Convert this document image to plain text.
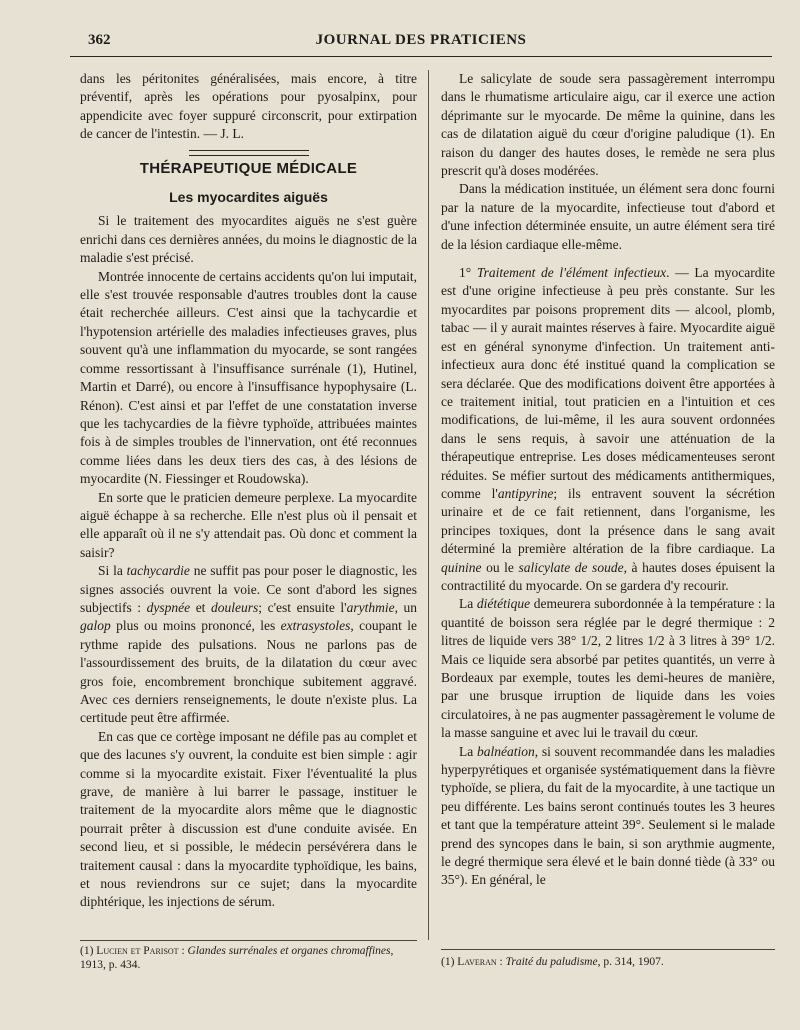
362	JOURNAL DES PRATICIENS

dans les péritonites généralisées, mais encore, à titre préventif, après les opérations pour pyosalpinx, pour appendicite avec foyer suppuré circonscrit, pour extirpation de cancer de l'intestin. — J. L.

THÉRAPEUTIQUE MÉDICALE
Les myocardites aiguës

Si le traitement des myocardites aiguës ne s'est guère enrichi dans ces dernières années, du moins le diagnostic de la maladie s'est précisé.

Montrée innocente de certains accidents qu'on lui imputait, elle s'est trouvée responsable d'autres troubles dont la cause était recherchée ailleurs. C'est ainsi que la tachycardie et l'hypotension artérielle des maladies infectieuses graves, plus souvent qu'à une inflammation du myocarde, se sont rangées comme ressortissant à l'insuffisance surrénale (1), Hutinel, Martin et Darré), ou encore à l'insuffisance hypophysaire (L. Rénon). C'est ainsi et par l'effet de une constatation inverse que les tachycardies de la fièvre typhoïde, attribuées maintes fois à de simples troubles de l'innervation, ont été reconnues comme liées dans les deux tiers des cas, à des lésions de myocardite (N. Fiessinger et Roudowska).

En sorte que le praticien demeure perplexe. La myocardite aiguë échappe à sa recherche. Elle n'est plus où il pensait et elle apparaît où il ne s'y attendait pas. Où donc et comment la saisir?

Si la tachycardie ne suffit pas pour poser le diagnostic, les signes associés ouvrent la voie. Ce sont d'abord les signes subjectifs : dyspnée et douleurs; c'est ensuite l'arythmie, un galop plus ou moins prononcé, les extrasystoles, coupant le rythme rapide des pulsations. Nous ne parlons pas de l'assourdissement des bruits, de la dilatation du cœur avec gros foie, encombrement bronchique subitement aggravé. Avec ces derniers renseignements, le doute n'existe plus. La certitude peut être affirmée.

En cas que ce cortège imposant ne défile pas au complet et que des lacunes s'y ouvrent, la conduite est bien simple : agir comme si la myocardite existait. Fixer l'éventualité la plus grave, de manière à lui barrer le passage, instituer le traitement de la myocardite alors même que le diagnostic pourrait prêter à discussion est d'une conduite avisée. En second lieu, et si possible, le médecin persévérera dans le traitement causal : dans la myocardite typhoïdique, les bains, et nous reviendrons sur ce sujet; dans la myocardite diphtérique, les injections de sérum.

Le salicylate de soude sera passagèrement interrompu dans le rhumatisme articulaire aigu, car il exerce une action déprimante sur le myocarde. De même la quinine, dans les cas de dilatation aiguë du cœur d'origine paludique (1). En raison du danger des hautes doses, le remède ne sera plus prescrit qu'à doses modérées.

Dans la médication instituée, un élément sera donc fourni par la nature de la myocardite, infectieuse tout d'abord et d'une infection déterminée ensuite, un autre élément sera tiré de la lésion cardiaque elle-même.

1° Traitement de l'élément infectieux. — La myocardite est d'une origine infectieuse à peu près constante. Sur les myocardites par poisons proprement dits — alcool, plomb, tabac — il y aurait maintes réserves à faire. Myocardite aiguë est en général synonyme d'infection. Un traitement anti-infectieux aura donc été institué quand la complication se sera déclarée. Que des modifications doivent être apportées à ce traitement initial, tout praticien en a l'intuition et ces modifications, de lui-même, il les aura souvent ordonnées dans le sens requis, à savoir une atténuation de la thérapeutique entreprise. Les doses médicamenteuses seront réduites. Se méfier surtout des médicaments antithermiques, comme l'antipyrine; ils entravent souvent la sécrétion urinaire et de ce fait retiennent, dans l'organisme, les principes toxiques, dont la présence dans le sang avait déterminé la première altération de la fibre cardiaque. La quinine ou le salicylate de soude, à hautes doses épuisent la contractilité du myocarde. On se gardera d'y recourir.

La diététique demeurera subordonnée à la température : la quantité de boisson sera réglée par le degré thermique : 2 litres de liquide vers 38° 1/2, 2 litres 1/2 à 3 litres à 39° 1/2. Mais ce liquide sera absorbé par petites quantités, un verre à Bordeaux par exemple, toutes les demi-heures de manière, par une brusque irruption de liquide dans les voies circulatoires, à ne pas augmenter passagèrement le volume de la masse sanguine et avec lui le travail du cœur.

La balnéation, si souvent recommandée dans les maladies hyperpyrétiques et organisée systématiquement dans la fièvre typhoïde, se pliera, du fait de la myocardite, à une tactique un peu différente. Les bains seront continués toutes les 3 heures et tant que la température atteint 39°. Seulement si le malade prend des syncopes dans le bain, si son arythmie augmente, le degré thermique sera élevé et le bain donné tiède (à 33° ou 35°). En général, le

(1) Lucien et Parisot : Glandes surrénales et organes chromaffines, 1913, p. 434.	(1) Laveran : Traité du paludisme, p. 314, 1907.
